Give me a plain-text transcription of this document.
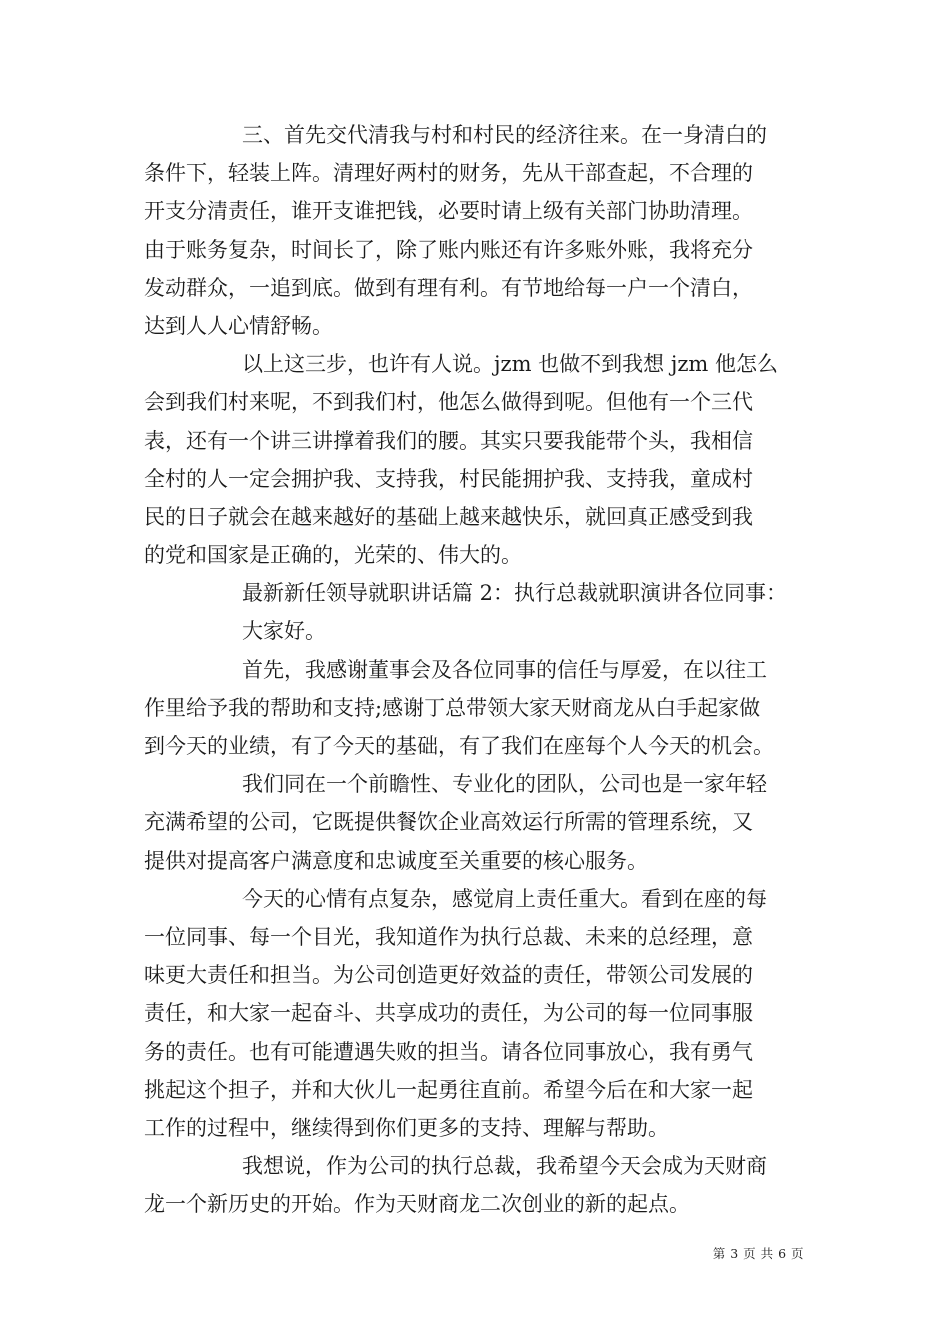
三、首先交代清我与村和村民的经济往来。在一身清白的
条件下，轻装上阵。清理好两村的财务，先从干部查起，不合理的
开支分清责任，谁开支谁把钱，必要时请上级有关部门协助清理。
由于账务复杂，时间长了，除了账内账还有许多账外账，我将充分
发动群众，一追到底。做到有理有利。有节地给每一户一个清白，
达到人人心情舒畅。
以上这三步，也许有人说。jzm 也做不到我想 jzm 他怎么
会到我们村来呢，不到我们村，他怎么做得到呢。但他有一个三代
表，还有一个讲三讲撑着我们的腰。其实只要我能带个头，我相信
全村的人一定会拥护我、支持我，村民能拥护我、支持我，童成村
民的日子就会在越来越好的基础上越来越快乐，就回真正感受到我
的党和国家是正确的，光荣的、伟大的。
最新新任领导就职讲话篇 2：执行总裁就职演讲各位同事：
大家好。
首先，我感谢董事会及各位同事的信任与厚爱，在以往工
作里给予我的帮助和支持;感谢丁总带领大家天财商龙从白手起家做
到今天的业绩，有了今天的基础，有了我们在座每个人今天的机会。
我们同在一个前瞻性、专业化的团队，公司也是一家年轻
充满希望的公司，它既提供餐饮企业高效运行所需的管理系统，又
提供对提高客户满意度和忠诚度至关重要的核心服务。
今天的心情有点复杂，感觉肩上责任重大。看到在座的每
一位同事、每一个目光，我知道作为执行总裁、未来的总经理，意
味更大责任和担当。为公司创造更好效益的责任，带领公司发展的
责任，和大家一起奋斗、共享成功的责任，为公司的每一位同事服
务的责任。也有可能遭遇失败的担当。请各位同事放心，我有勇气
挑起这个担子，并和大伙儿一起勇往直前。希望今后在和大家一起
工作的过程中，继续得到你们更多的支持、理解与帮助。
我想说，作为公司的执行总裁，我希望今天会成为天财商
龙一个新历史的开始。作为天财商龙二次创业的新的起点。
第 3 页 共 6 页
